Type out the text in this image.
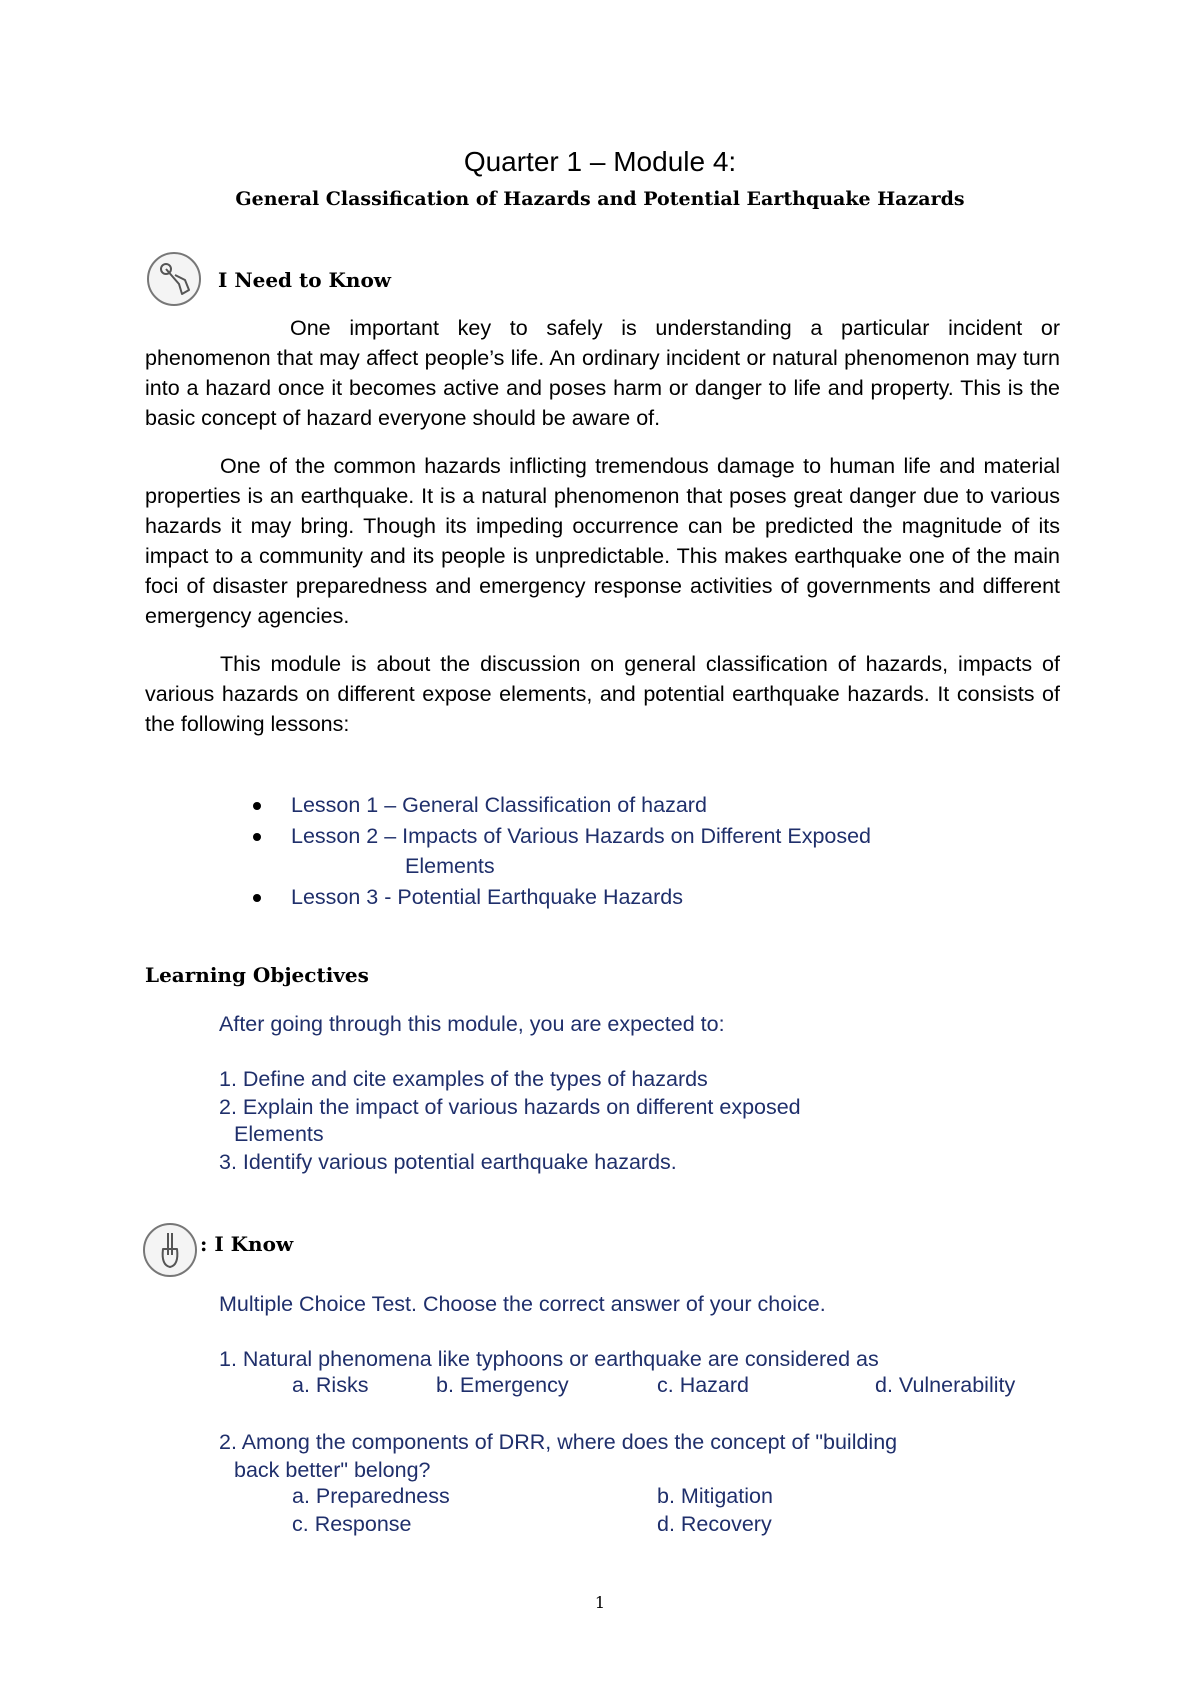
Quarter 1 – Module 4:
General Classification of Hazards and Potential Earthquake Hazards
I Need to Know

One important key to safely is understanding a particular incident or phenomenon that may affect people’s life. An ordinary incident or natural phenomenon may turn into a hazard once it becomes active and poses harm or danger to life and property. This is the basic concept of hazard everyone should be aware of.

One of the common hazards inflicting tremendous damage to human life and material properties is an earthquake. It is a natural phenomenon that poses great danger due to various hazards it may bring. Though its impeding occurrence can be predicted the magnitude of its impact to a community and its people is unpredictable. This makes earthquake one of the main foci of disaster preparedness and emergency response activities of governments and different emergency agencies.

This module is about the discussion on general classification of hazards, impacts of various hazards on different expose elements, and potential earthquake hazards. It consists of the following lessons:

Lesson 1 – General Classification of hazard
Lesson 2 – Impacts of Various Hazards on Different Exposed
Elements
Lesson 3 - Potential Earthquake Hazards
Learning Objectives
After going through this module, you are expected to:
1. Define and cite examples of the types of hazards
2. Explain the impact of various hazards on different exposed
Elements
3. Identify various potential earthquake hazards.
: I Know
Multiple Choice Test. Choose the correct answer of your choice.
1. Natural phenomena like typhoons or earthquake are considered as
a. Risks	b. Emergency	c. Hazard	d. Vulnerability
2. Among the components of DRR, where does the concept of "building
back better" belong?
a. Preparedness	b. Mitigation
c. Response	d. Recovery
1
